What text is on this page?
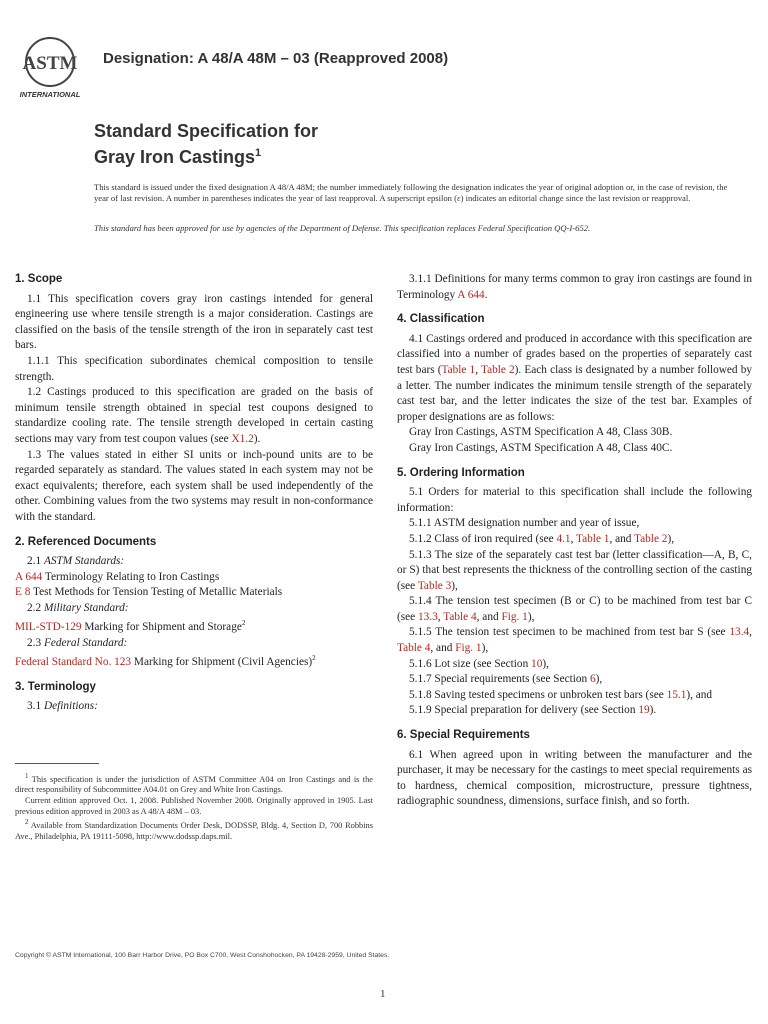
ASTM
INTERNATIONAL
Designation: A 48/A 48M – 03 (Reapproved 2008)
Standard Specification for
Gray Iron Castings$^1$
This standard is issued under the fixed designation A 48/A 48M; the number immediately following the designation indicates the year of original adoption or, in the case of revision, the year of last revision. A number in parentheses indicates the year of last reapproval. A superscript epsilon (ε) indicates an editorial change since the last revision or reapproval.
This standard has been approved for use by agencies of the Department of Defense. This specification replaces Federal Specification QQ-I-652.
1. Scope

1.1 This specification covers gray iron castings intended for general engineering use where tensile strength is a major consideration. Castings are classified on the basis of the tensile strength of the iron in separately cast test bars.

1.1.1 This specification subordinates chemical composition to tensile strength.

1.2 Castings produced to this specification are graded on the basis of minimum tensile strength obtained in special test coupons designed to standardize cooling rate. The tensile strength developed in certain casting sections may vary from test coupon values (see X1.2).

1.3 The values stated in either SI units or inch-pound units are to be regarded separately as standard. The values stated in each system may not be exact equivalents; therefore, each system shall be used independently of the other. Combining values from the two systems may result in non-conformance with the standard.

2. Referenced Documents

2.1 ASTM Standards:

A 644 Terminology Relating to Iron Castings

E 8 Test Methods for Tension Testing of Metallic Materials

2.2 Military Standard:

MIL-STD-129 Marking for Shipment and Storage$^2$

2.3 Federal Standard:

Federal Standard No. 123 Marking for Shipment (Civil Agencies)$^2$

3. Terminology

3.1 Definitions:

$^1$ This specification is under the jurisdiction of ASTM Committee A04 on Iron Castings and is the direct responsibility of Subcommittee A04.01 on Grey and White Iron Castings.

Current edition approved Oct. 1, 2008. Published November 2008. Originally approved in 1905. Last previous edition approved in 2003 as A 48/A 48M – 03.

$^2$ Available from Standardization Documents Order Desk, DODSSP, Bldg. 4, Section D, 700 Robbins Ave., Philadelphia, PA 19111-5098, http://www.dodssp.daps.mil.

3.1.1 Definitions for many terms common to gray iron castings are found in Terminology A 644.

4. Classification

4.1 Castings ordered and produced in accordance with this specification are classified into a number of grades based on the properties of separately cast test bars (Table 1, Table 2). Each class is designated by a number followed by a letter. The number indicates the minimum tensile strength of the separately cast test bar, and the letter indicates the size of the test bar. Examples of proper designations are as follows:

Gray Iron Castings, ASTM Specification A 48, Class 30B.

Gray Iron Castings, ASTM Specification A 48, Class 40C.

5. Ordering Information

5.1 Orders for material to this specification shall include the following information:

5.1.1 ASTM designation number and year of issue,

5.1.2 Class of iron required (see 4.1, Table 1, and Table 2),

5.1.3 The size of the separately cast test bar (letter classification—A, B, C, or S) that best represents the thickness of the controlling section of the casting (see Table 3),

5.1.4 The tension test specimen (B or C) to be machined from test bar C (see 13.3, Table 4, and Fig. 1),

5.1.5 The tension test specimen to be machined from test bar S (see 13.4, Table 4, and Fig. 1),

5.1.6 Lot size (see Section 10),

5.1.7 Special requirements (see Section 6),

5.1.8 Saving tested specimens or unbroken test bars (see 15.1), and

5.1.9 Special preparation for delivery (see Section 19).

6. Special Requirements

6.1 When agreed upon in writing between the manufacturer and the purchaser, it may be necessary for the castings to meet special requirements as to hardness, chemical composition, microstructure, pressure tightness, radiographic soundness, dimensions, surface finish, and so forth.

Copyright © ASTM International, 100 Barr Harbor Drive, PO Box C700, West Conshohocken, PA 19428-2959, United States.
1
